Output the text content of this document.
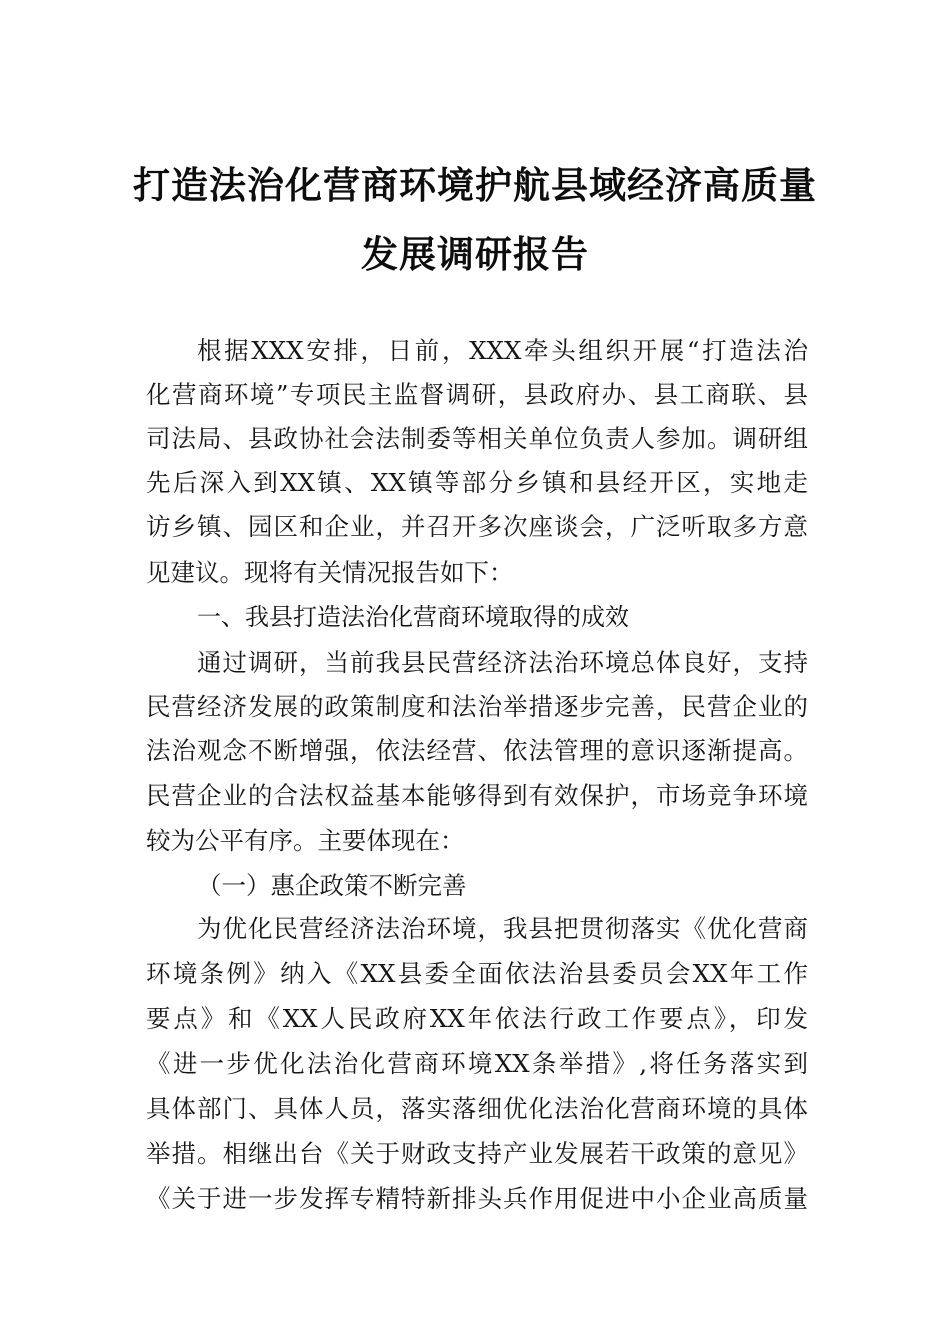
打造法治化营商环境护航县域经济高质量
发展调研报告
根据XXX安排，日前，XXX牵头组织开展“打造法治
化营商环境”专项民主监督调研，县政府办、县工商联、县
司法局、县政协社会法制委等相关单位负责人参加。调研组
先后深入到XX镇、XX镇等部分乡镇和县经开区，实地走
访乡镇、园区和企业，并召开多次座谈会，广泛听取多方意
见建议。现将有关情况报告如下：
一、我县打造法治化营商环境取得的成效
通过调研，当前我县民营经济法治环境总体良好，支持
民营经济发展的政策制度和法治举措逐步完善，民营企业的
法治观念不断增强，依法经营、依法管理的意识逐渐提高。
民营企业的合法权益基本能够得到有效保护，市场竞争环境
较为公平有序。主要体现在：
（一）惠企政策不断完善
为优化民营经济法治环境，我县把贯彻落实《优化营商
环境条例》纳入《XX县委全面依法治县委员会XX年工作
要点》和《XX人民政府XX年依法行政工作要点》，印发
《进一步优化法治化营商环境XX条举措》,将任务落实到
具体部门、具体人员，落实落细优化法治化营商环境的具体
举措。相继出台《关于财政支持产业发展若干政策的意见》
《关于进一步发挥专精特新排头兵作用促进中小企业高质量
